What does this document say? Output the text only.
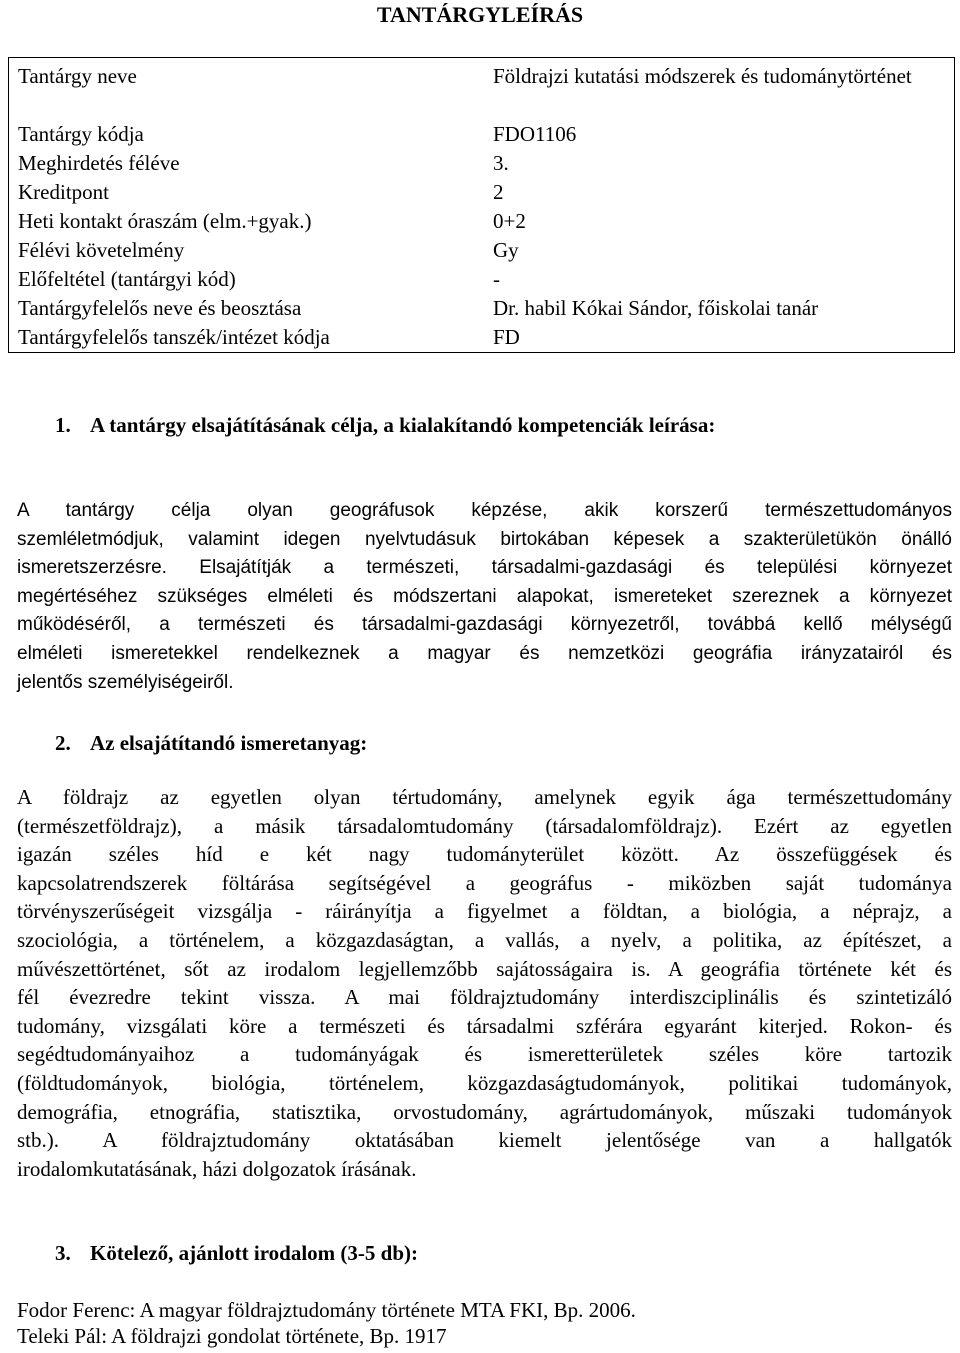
TANTÁRGYLEÍRÁS
Tantárgy neve	Földrajzi kutatási módszerek és tudománytörténet
Tantárgy kódja	FDO1106
Meghirdetés féléve	3.
Kreditpont	2
Heti kontakt óraszám (elm.+gyak.)	0+2
Félévi követelmény	Gy
Előfeltétel (tantárgyi kód)	-
Tantárgyfelelős neve és beosztása	Dr. habil Kókai Sándor, főiskolai tanár
Tantárgyfelelős tanszék/intézet kódja	FD
1. A tantárgy elsajátításának célja, a kialakítandó kompetenciák leírása:
A tantárgy célja olyan geográfusok képzése, akik korszerű természettudományos
szemléletmódjuk, valamint idegen nyelvtudásuk birtokában képesek a szakterületükön önálló
ismeretszerzésre. Elsajátítják a természeti, társadalmi-gazdasági és települési környezet
megértéséhez szükséges elméleti és módszertani alapokat, ismereteket szereznek a környezet
működéséről, a természeti és társadalmi-gazdasági környezetről, továbbá kellő mélységű
elméleti ismeretekkel rendelkeznek a magyar és nemzetközi geográfia irányzatairól és
jelentős személyiségeiről.
2. Az elsajátítandó ismeretanyag:
A földrajz az egyetlen olyan tértudomány, amelynek egyik ága természettudomány
(természetföldrajz), a másik társadalomtudomány (társadalomföldrajz). Ezért az egyetlen
igazán széles híd e két nagy tudományterület között. Az összefüggések és
kapcsolatrendszerek föltárása segítségével a geográfus - miközben saját tudománya
törvényszerűségeit vizsgálja - ráirányítja a figyelmet a földtan, a biológia, a néprajz, a
szociológia, a történelem, a közgazdaságtan, a vallás, a nyelv, a politika, az építészet, a
művészettörténet, sőt az irodalom legjellemzőbb sajátosságaira is. A geográfia története két és
fél évezredre tekint vissza. A mai földrajztudomány interdiszciplinális és szintetizáló
tudomány, vizsgálati köre a természeti és társadalmi szférára egyaránt kiterjed. Rokon- és
segédtudományaihoz a tudományágak és ismeretterületek széles köre tartozik
(földtudományok, biológia, történelem, közgazdaságtudományok, politikai tudományok,
demográfia, etnográfia, statisztika, orvostudomány, agrártudományok, műszaki tudományok
stb.). A földrajztudomány oktatásában kiemelt jelentősége van a hallgatók
irodalomkutatásának, házi dolgozatok írásának.
3. Kötelező, ajánlott irodalom (3-5 db):
Fodor Ferenc: A magyar földrajztudomány története MTA FKI, Bp. 2006.
Teleki Pál: A földrajzi gondolat története, Bp. 1917
